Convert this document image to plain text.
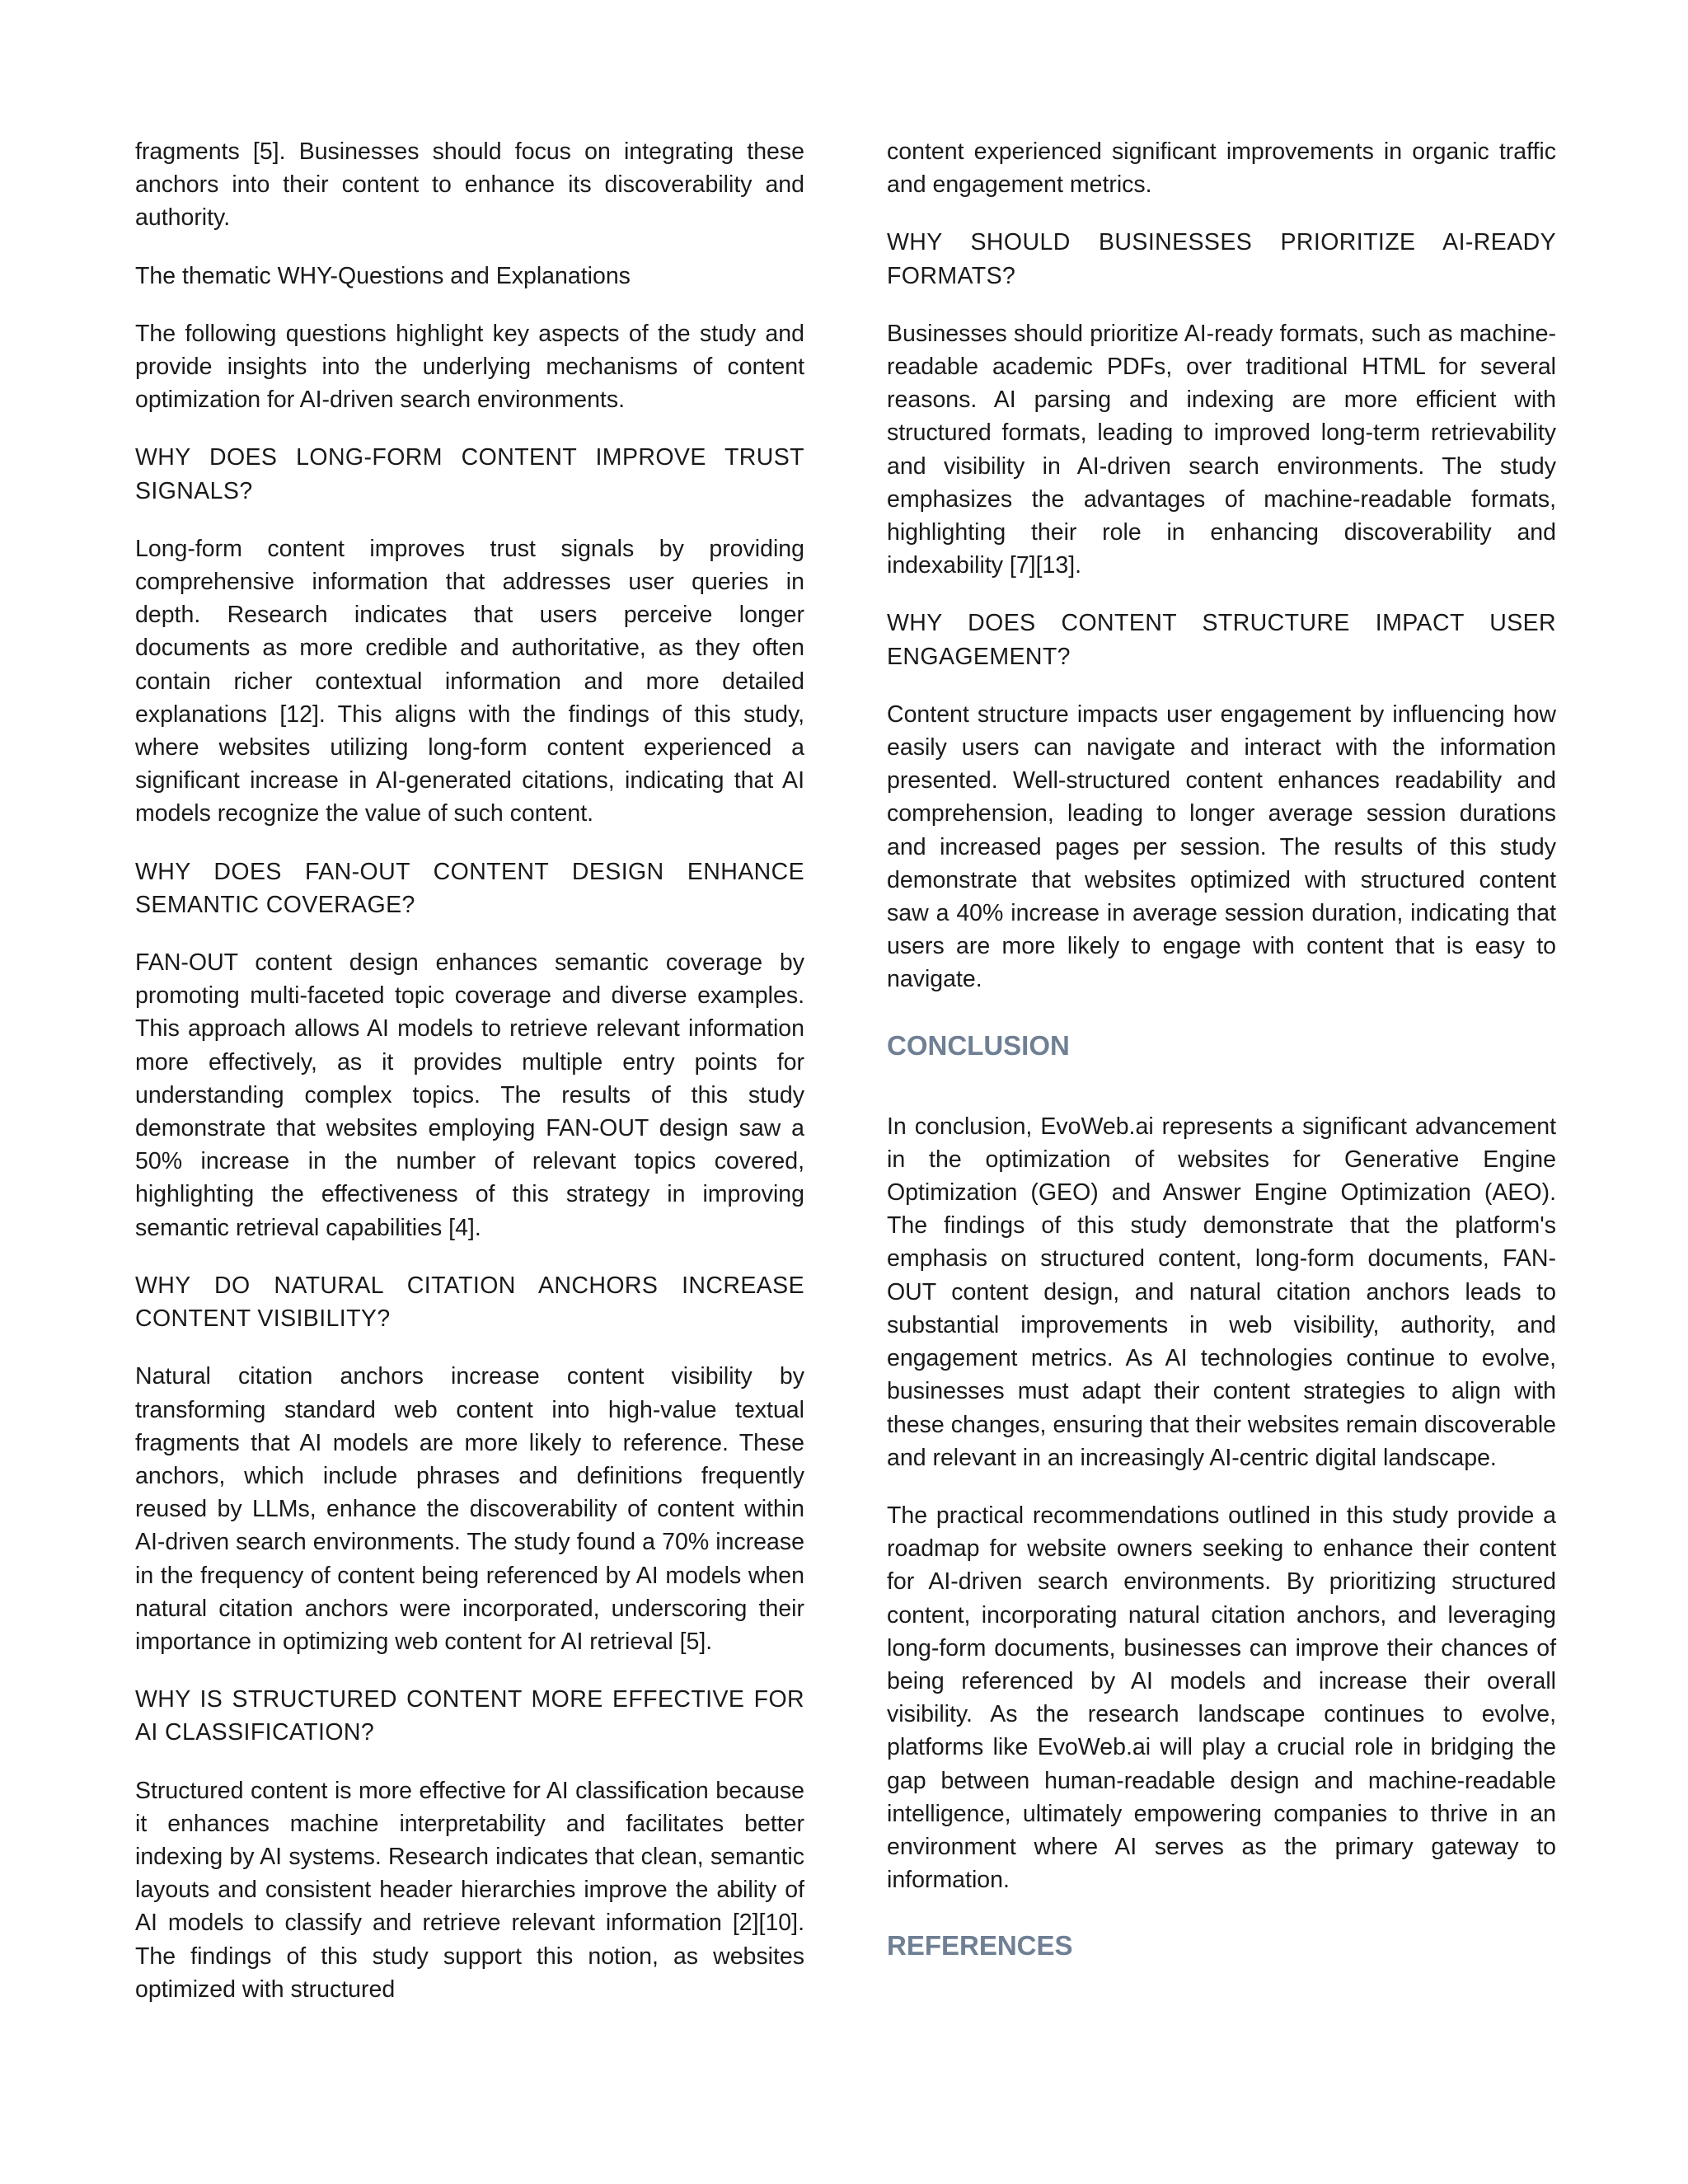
fragments [5]. Businesses should focus on integrating these anchors into their content to enhance its discoverability and authority.

The thematic WHY-Questions and Explanations

The following questions highlight key aspects of the study and provide insights into the underlying mechanisms of content optimization for AI-driven search environments.

WHY DOES LONG-FORM CONTENT IMPROVE TRUST SIGNALS?

Long-form content improves trust signals by providing comprehensive information that addresses user queries in depth. Research indicates that users perceive longer documents as more credible and authoritative, as they often contain richer contextual information and more detailed explanations [12]. This aligns with the findings of this study, where websites utilizing long-form content experienced a significant increase in AI-generated citations, indicating that AI models recognize the value of such content.

WHY DOES FAN-OUT CONTENT DESIGN ENHANCE SEMANTIC COVERAGE?

FAN-OUT content design enhances semantic coverage by promoting multi-faceted topic coverage and diverse examples. This approach allows AI models to retrieve relevant information more effectively, as it provides multiple entry points for understanding complex topics. The results of this study demonstrate that websites employing FAN-OUT design saw a 50% increase in the number of relevant topics covered, highlighting the effectiveness of this strategy in improving semantic retrieval capabilities [4].

WHY DO NATURAL CITATION ANCHORS INCREASE CONTENT VISIBILITY?

Natural citation anchors increase content visibility by transforming standard web content into high-value textual fragments that AI models are more likely to reference. These anchors, which include phrases and definitions frequently reused by LLMs, enhance the discoverability of content within AI-driven search environments. The study found a 70% increase in the frequency of content being referenced by AI models when natural citation anchors were incorporated, underscoring their importance in optimizing web content for AI retrieval [5].

WHY IS STRUCTURED CONTENT MORE EFFECTIVE FOR AI CLASSIFICATION?

Structured content is more effective for AI classification because it enhances machine interpretability and facilitates better indexing by AI systems. Research indicates that clean, semantic layouts and consistent header hierarchies improve the ability of AI models to classify and retrieve relevant information [2][10]. The findings of this study support this notion, as websites optimized with structured

content experienced significant improvements in organic traffic and engagement metrics.

WHY SHOULD BUSINESSES PRIORITIZE AI-READY FORMATS?

Businesses should prioritize AI-ready formats, such as machine-readable academic PDFs, over traditional HTML for several reasons. AI parsing and indexing are more efficient with structured formats, leading to improved long-term retrievability and visibility in AI-driven search environments. The study emphasizes the advantages of machine-readable formats, highlighting their role in enhancing discoverability and indexability [7][13].

WHY DOES CONTENT STRUCTURE IMPACT USER ENGAGEMENT?

Content structure impacts user engagement by influencing how easily users can navigate and interact with the information presented. Well-structured content enhances readability and comprehension, leading to longer average session durations and increased pages per session. The results of this study demonstrate that websites optimized with structured content saw a 40% increase in average session duration, indicating that users are more likely to engage with content that is easy to navigate.

CONCLUSION

In conclusion, EvoWeb.ai represents a significant advancement in the optimization of websites for Generative Engine Optimization (GEO) and Answer Engine Optimization (AEO). The findings of this study demonstrate that the platform's emphasis on structured content, long-form documents, FAN-OUT content design, and natural citation anchors leads to substantial improvements in web visibility, authority, and engagement metrics. As AI technologies continue to evolve, businesses must adapt their content strategies to align with these changes, ensuring that their websites remain discoverable and relevant in an increasingly AI-centric digital landscape.

The practical recommendations outlined in this study provide a roadmap for website owners seeking to enhance their content for AI-driven search environments. By prioritizing structured content, incorporating natural citation anchors, and leveraging long-form documents, businesses can improve their chances of being referenced by AI models and increase their overall visibility. As the research landscape continues to evolve, platforms like EvoWeb.ai will play a crucial role in bridging the gap between human-readable design and machine-readable intelligence, ultimately empowering companies to thrive in an environment where AI serves as the primary gateway to information.

REFERENCES
